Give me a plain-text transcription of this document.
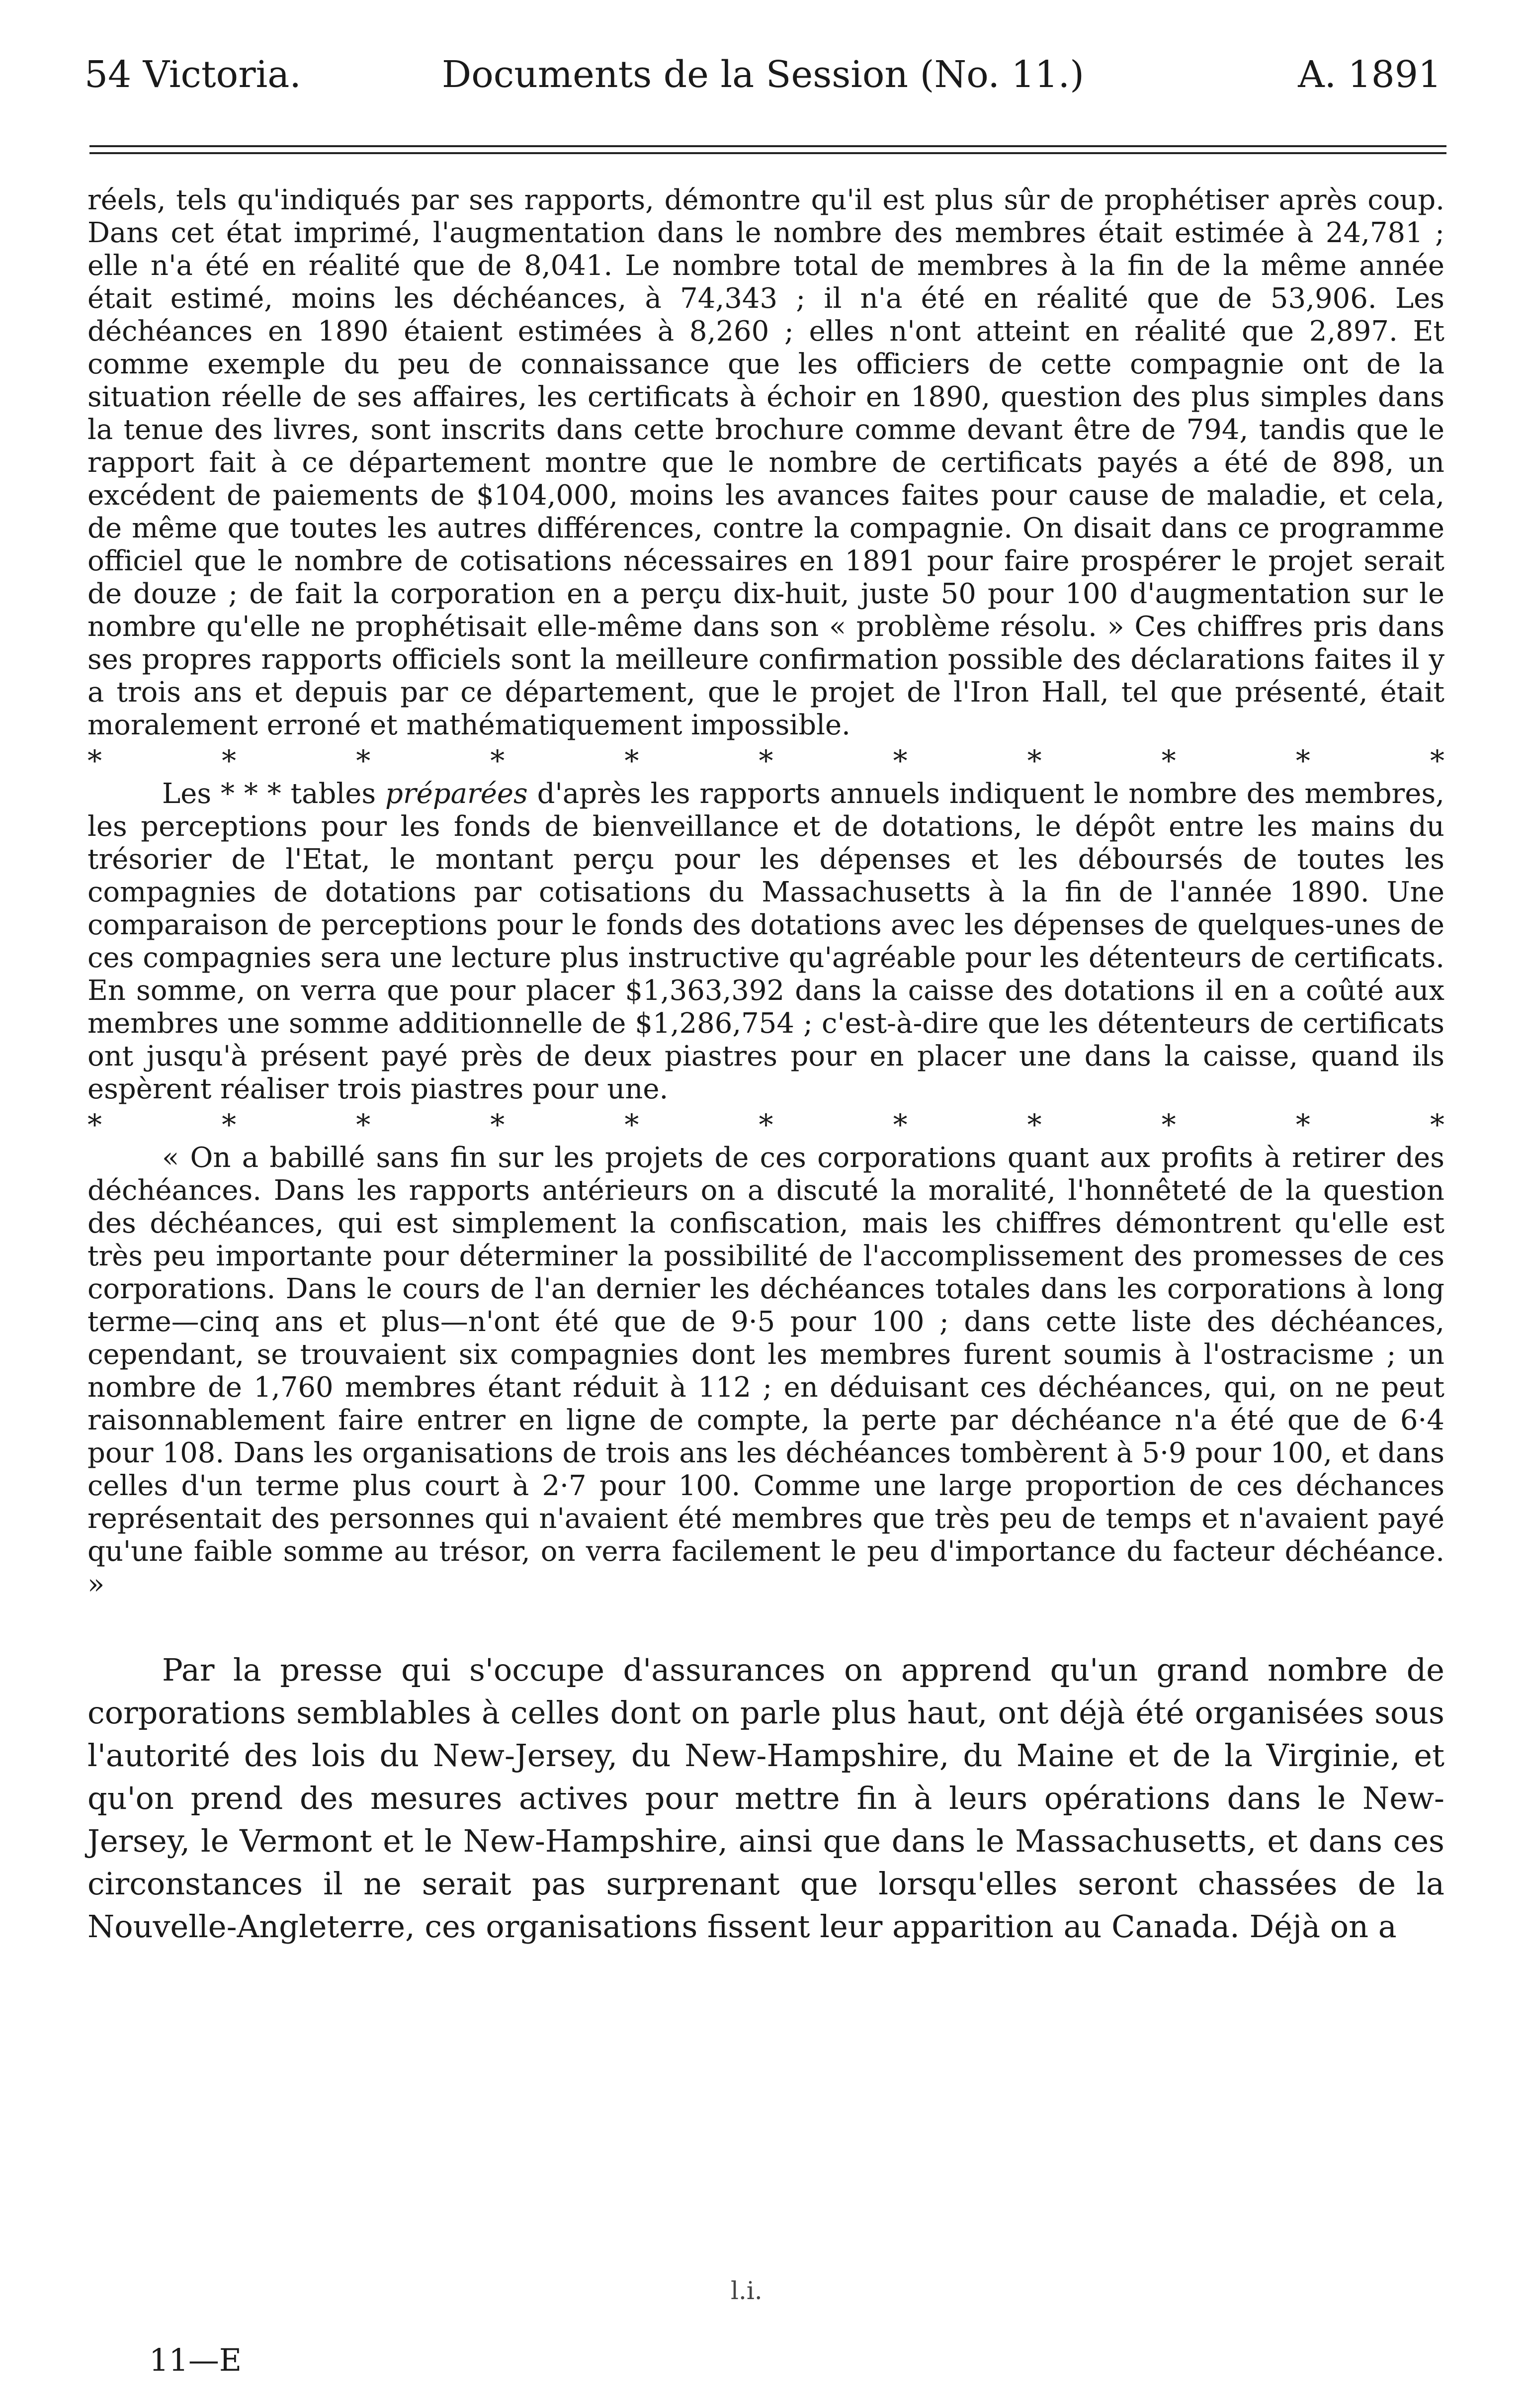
54 Victoria.	Documents de la Session (No. 11.)	A. 1891

réels, tels qu'indiqués par ses rapports, démontre qu'il est plus sûr de prophétiser après coup. Dans cet état imprimé, l'augmentation dans le nombre des membres était estimée à 24,781 ; elle n'a été en réalité que de 8,041. Le nombre total de membres à la fin de la même année était estimé, moins les déchéances, à 74,343 ; il n'a été en réalité que de 53,906. Les déchéances en 1890 étaient estimées à 8,260 ; elles n'ont atteint en réalité que 2,897. Et comme exemple du peu de connaissance que les officiers de cette compagnie ont de la situation réelle de ses affaires, les certificats à échoir en 1890, question des plus simples dans la tenue des livres, sont inscrits dans cette brochure comme devant être de 794, tandis que le rapport fait à ce département montre que le nombre de certificats payés a été de 898, un excédent de paiements de $104,000, moins les avances faites pour cause de maladie, et cela, de même que toutes les autres différences, contre la compagnie. On disait dans ce programme officiel que le nombre de cotisations nécessaires en 1891 pour faire prospérer le projet serait de douze ; de fait la corporation en a perçu dix-huit, juste 50 pour 100 d'augmentation sur le nombre qu'elle ne prophétisait elle-même dans son « problème résolu. » Ces chiffres pris dans ses propres rapports officiels sont la meilleure confirmation possible des déclarations faites il y a trois ans et depuis par ce département, que le projet de l'Iron Hall, tel que présenté, était moralement erroné et mathématiquement impossible.

*	*	*	*	*	*	*	*	*	*	*

Les * * * tables préparées d'après les rapports annuels indiquent le nombre des membres, les perceptions pour les fonds de bienveillance et de dotations, le dépôt entre les mains du trésorier de l'Etat, le montant perçu pour les dépenses et les déboursés de toutes les compagnies de dotations par cotisations du Massachusetts à la fin de l'année 1890. Une comparaison de perceptions pour le fonds des dotations avec les dépenses de quelques-unes de ces compagnies sera une lecture plus instructive qu'agréable pour les détenteurs de certificats. En somme, on verra que pour placer $1,363,392 dans la caisse des dotations il en a coûté aux membres une somme additionnelle de $1,286,754 ; c'est-à-dire que les détenteurs de certificats ont jusqu'à présent payé près de deux piastres pour en placer une dans la caisse, quand ils espèrent réaliser trois piastres pour une.

*	*	*	*	*	*	*	*	*	*	*

« On a babillé sans fin sur les projets de ces corporations quant aux profits à retirer des déchéances. Dans les rapports antérieurs on a discuté la moralité, l'honnêteté de la question des déchéances, qui est simplement la confiscation, mais les chiffres démontrent qu'elle est très peu importante pour déterminer la possibilité de l'accomplissement des promesses de ces corporations. Dans le cours de l'an dernier les déchéances totales dans les corporations à long terme—cinq ans et plus—n'ont été que de 9·5 pour 100 ; dans cette liste des déchéances, cependant, se trouvaient six compagnies dont les membres furent soumis à l'ostracisme ; un nombre de 1,760 membres étant réduit à 112 ; en déduisant ces déchéances, qui, on ne peut raisonnablement faire entrer en ligne de compte, la perte par déchéance n'a été que de 6·4 pour 108. Dans les organisations de trois ans les déchéances tombèrent à 5·9 pour 100, et dans celles d'un terme plus court à 2·7 pour 100. Comme une large proportion de ces déchances représentait des personnes qui n'avaient été membres que très peu de temps et n'avaient payé qu'une faible somme au trésor, on verra facilement le peu d'importance du facteur déchéance. »

Par la presse qui s'occupe d'assurances on apprend qu'un grand nombre de corporations semblables à celles dont on parle plus haut, ont déjà été organisées sous l'autorité des lois du New-Jersey, du New-Hampshire, du Maine et de la Virginie, et qu'on prend des mesures actives pour mettre fin à leurs opérations dans le New-Jersey, le Vermont et le New-Hampshire, ainsi que dans le Massachusetts, et dans ces circonstances il ne serait pas surprenant que lorsqu'elles seront chassées de la Nouvelle-Angleterre, ces organisations fissent leur apparition au Canada. Déjà on a

l.i.
11—E
